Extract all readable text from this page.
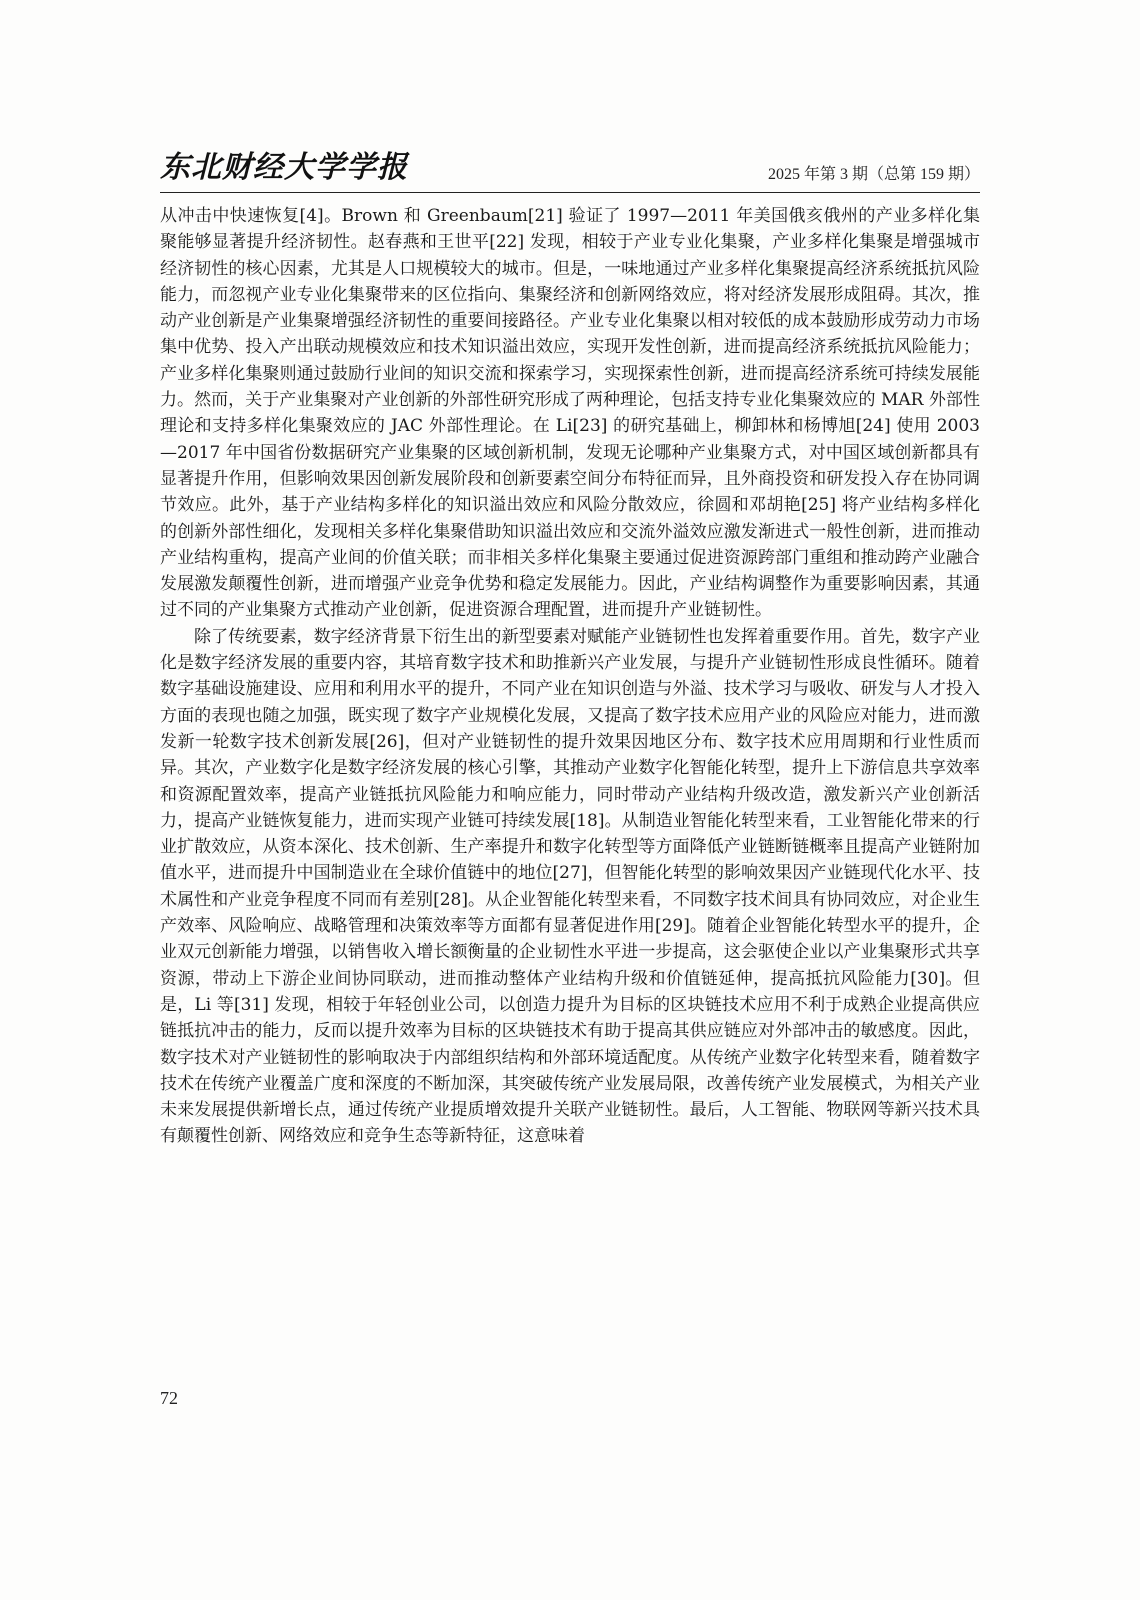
东北财经大学学报	2025 年第 3 期（总第 159 期）

从冲击中快速恢复[4]。Brown 和 Greenbaum[21] 验证了 1997—2011 年美国俄亥俄州的产业多样化集聚能够显著提升经济韧性。赵春燕和王世平[22] 发现，相较于产业专业化集聚，产业多样化集聚是增强城市经济韧性的核心因素，尤其是人口规模较大的城市。但是，一味地通过产业多样化集聚提高经济系统抵抗风险能力，而忽视产业专业化集聚带来的区位指向、集聚经济和创新网络效应，将对经济发展形成阻碍。其次，推动产业创新是产业集聚增强经济韧性的重要间接路径。产业专业化集聚以相对较低的成本鼓励形成劳动力市场集中优势、投入产出联动规模效应和技术知识溢出效应，实现开发性创新，进而提高经济系统抵抗风险能力；产业多样化集聚则通过鼓励行业间的知识交流和探索学习，实现探索性创新，进而提高经济系统可持续发展能力。然而，关于产业集聚对产业创新的外部性研究形成了两种理论，包括支持专业化集聚效应的 MAR 外部性理论和支持多样化集聚效应的 JAC 外部性理论。在 Li[23] 的研究基础上，柳卸林和杨博旭[24] 使用 2003—2017 年中国省份数据研究产业集聚的区域创新机制，发现无论哪种产业集聚方式，对中国区域创新都具有显著提升作用，但影响效果因创新发展阶段和创新要素空间分布特征而异，且外商投资和研发投入存在协同调节效应。此外，基于产业结构多样化的知识溢出效应和风险分散效应，徐圆和邓胡艳[25] 将产业结构多样化的创新外部性细化，发现相关多样化集聚借助知识溢出效应和交流外溢效应激发渐进式一般性创新，进而推动产业结构重构，提高产业间的价值关联；而非相关多样化集聚主要通过促进资源跨部门重组和推动跨产业融合发展激发颠覆性创新，进而增强产业竞争优势和稳定发展能力。因此，产业结构调整作为重要影响因素，其通过不同的产业集聚方式推动产业创新，促进资源合理配置，进而提升产业链韧性。

除了传统要素，数字经济背景下衍生出的新型要素对赋能产业链韧性也发挥着重要作用。首先，数字产业化是数字经济发展的重要内容，其培育数字技术和助推新兴产业发展，与提升产业链韧性形成良性循环。随着数字基础设施建设、应用和利用水平的提升，不同产业在知识创造与外溢、技术学习与吸收、研发与人才投入方面的表现也随之加强，既实现了数字产业规模化发展，又提高了数字技术应用产业的风险应对能力，进而激发新一轮数字技术创新发展[26]，但对产业链韧性的提升效果因地区分布、数字技术应用周期和行业性质而异。其次，产业数字化是数字经济发展的核心引擎，其推动产业数字化智能化转型，提升上下游信息共享效率和资源配置效率，提高产业链抵抗风险能力和响应能力，同时带动产业结构升级改造，激发新兴产业创新活力，提高产业链恢复能力，进而实现产业链可持续发展[18]。从制造业智能化转型来看，工业智能化带来的行业扩散效应，从资本深化、技术创新、生产率提升和数字化转型等方面降低产业链断链概率且提高产业链附加值水平，进而提升中国制造业在全球价值链中的地位[27]，但智能化转型的影响效果因产业链现代化水平、技术属性和产业竞争程度不同而有差别[28]。从企业智能化转型来看，不同数字技术间具有协同效应，对企业生产效率、风险响应、战略管理和决策效率等方面都有显著促进作用[29]。随着企业智能化转型水平的提升，企业双元创新能力增强，以销售收入增长额衡量的企业韧性水平进一步提高，这会驱使企业以产业集聚形式共享资源，带动上下游企业间协同联动，进而推动整体产业结构升级和价值链延伸，提高抵抗风险能力[30]。但是，Li 等[31] 发现，相较于年轻创业公司，以创造力提升为目标的区块链技术应用不利于成熟企业提高供应链抵抗冲击的能力，反而以提升效率为目标的区块链技术有助于提高其供应链应对外部冲击的敏感度。因此，数字技术对产业链韧性的影响取决于内部组织结构和外部环境适配度。从传统产业数字化转型来看，随着数字技术在传统产业覆盖广度和深度的不断加深，其突破传统产业发展局限，改善传统产业发展模式，为相关产业未来发展提供新增长点，通过传统产业提质增效提升关联产业链韧性。最后，人工智能、物联网等新兴技术具有颠覆性创新、网络效应和竞争生态等新特征，这意味着

72
